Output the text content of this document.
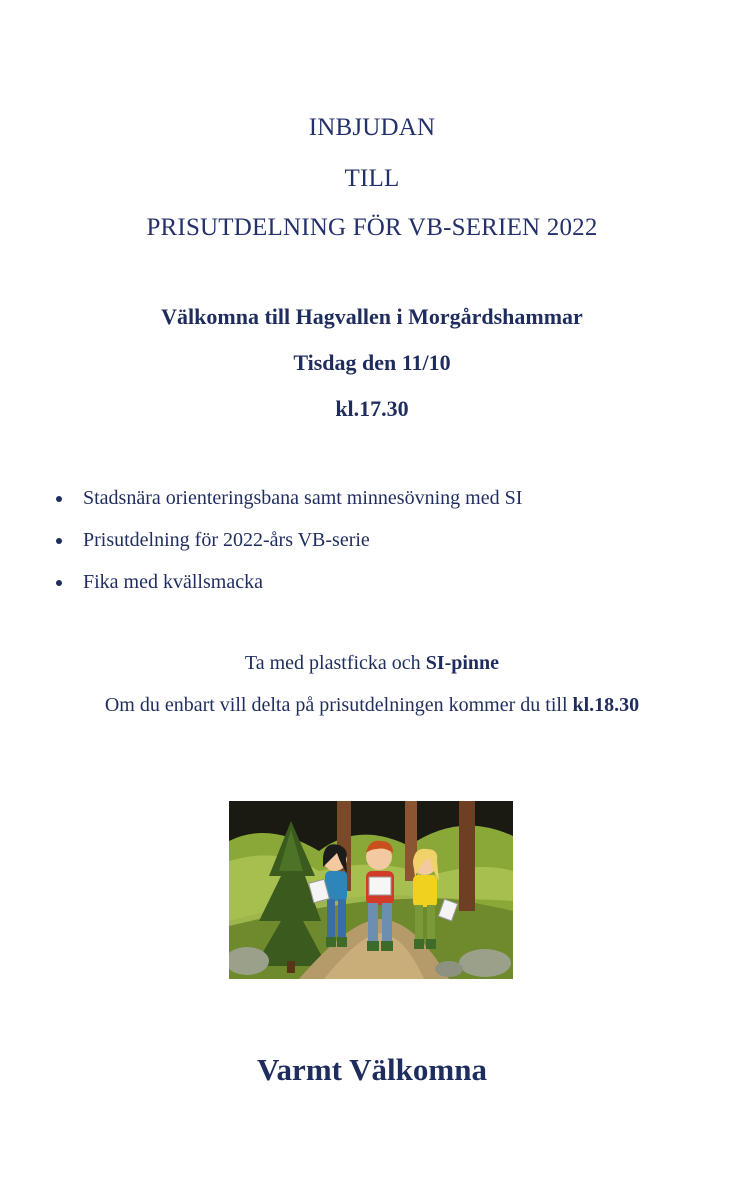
INBJUDAN
TILL
PRISUTDELNING FÖR VB-SERIEN 2022
Välkomna till Hagvallen i Morgårdshammar
Tisdag den 11/10
kl.17.30
Stadsnära orienteringsbana samt minnesövning med SI
Prisutdelning för 2022-års VB-serie
Fika med kvällsmacka
Ta med plastficka och SI-pinne
Om du enbart vill delta på prisutdelningen kommer du till kl.18.30
Varmt Välkomna
